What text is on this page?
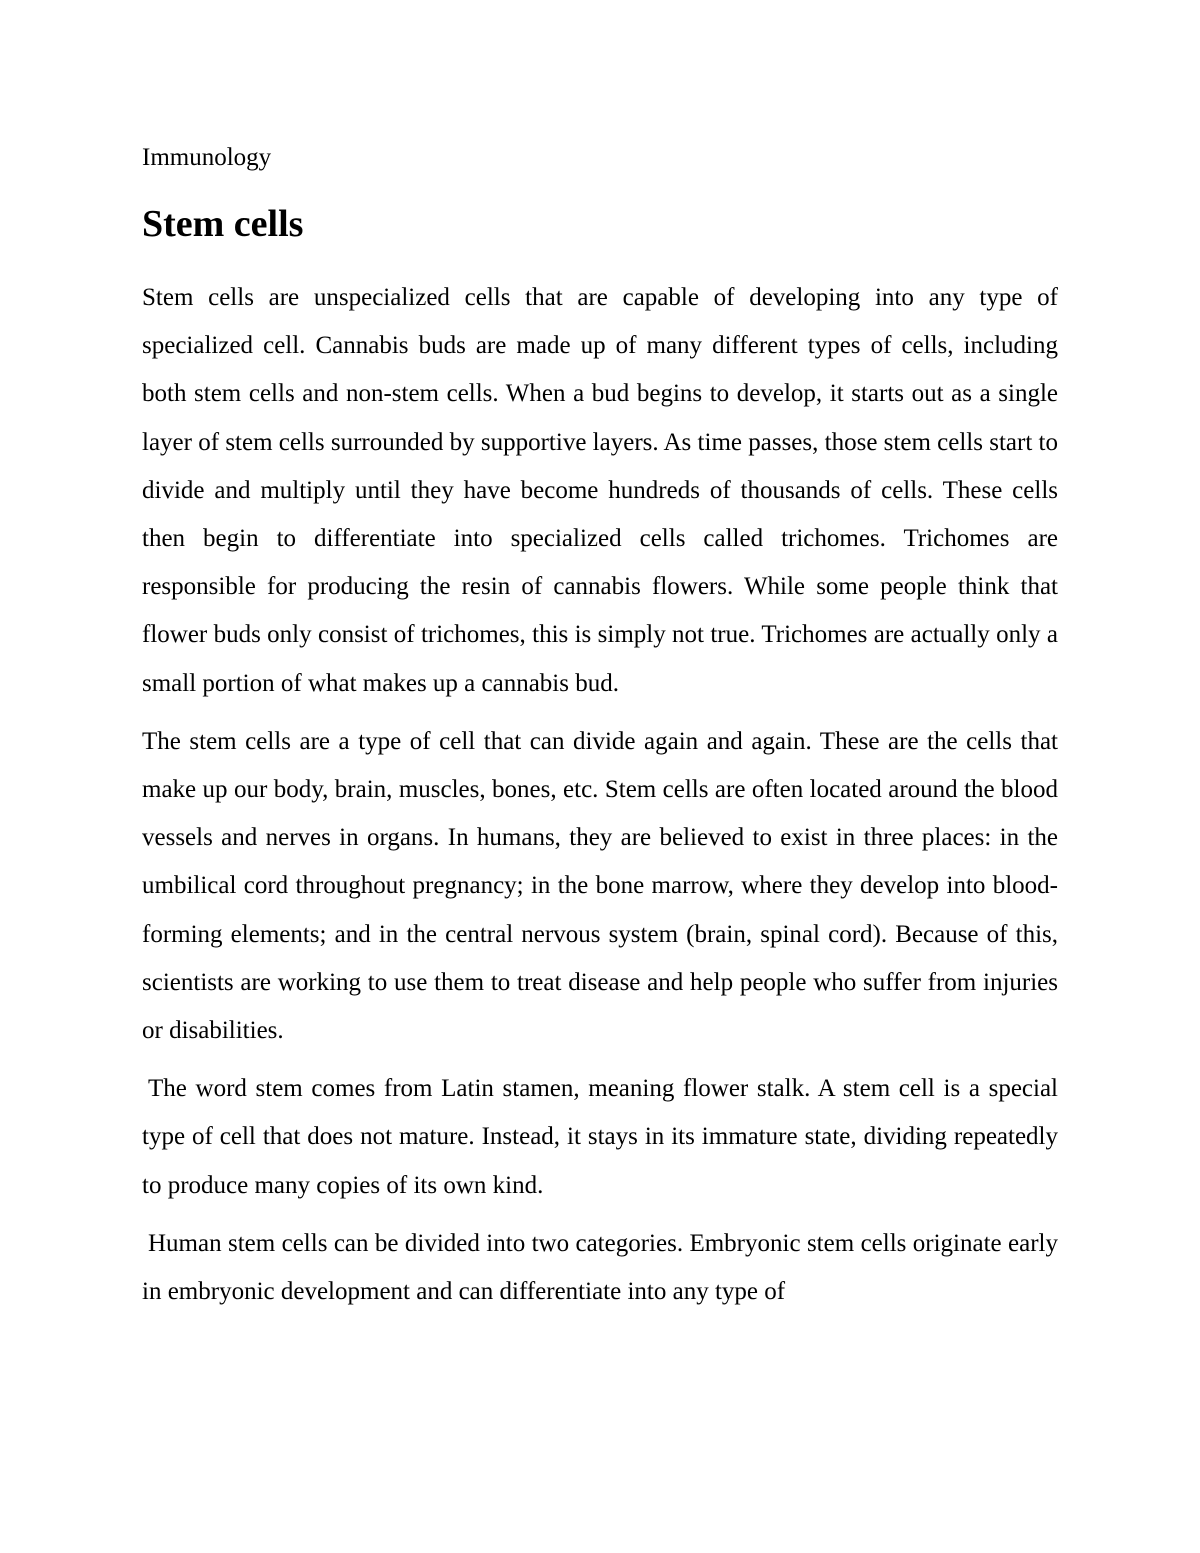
Immunology

Stem cells

Stem cells are unspecialized cells that are capable of developing into any type of specialized cell. Cannabis buds are made up of many different types of cells, including both stem cells and non-stem cells. When a bud begins to develop, it starts out as a single layer of stem cells surrounded by supportive layers. As time passes, those stem cells start to divide and multiply until they have become hundreds of thousands of cells. These cells then begin to differentiate into specialized cells called trichomes. Trichomes are responsible for producing the resin of cannabis flowers. While some people think that flower buds only consist of trichomes, this is simply not true. Trichomes are actually only a small portion of what makes up a cannabis bud.

The stem cells are a type of cell that can divide again and again. These are the cells that make up our body, brain, muscles, bones, etc. Stem cells are often located around the blood vessels and nerves in organs. In humans, they are believed to exist in three places: in the umbilical cord throughout pregnancy; in the bone marrow, where they develop into blood-forming elements; and in the central nervous system (brain, spinal cord). Because of this, scientists are working to use them to treat disease and help people who suffer from injuries or disabilities.

The word stem comes from Latin stamen, meaning flower stalk. A stem cell is a special type of cell that does not mature. Instead, it stays in its immature state, dividing repeatedly to produce many copies of its own kind.

Human stem cells can be divided into two categories. Embryonic stem cells originate early in embryonic development and can differentiate into any type of
